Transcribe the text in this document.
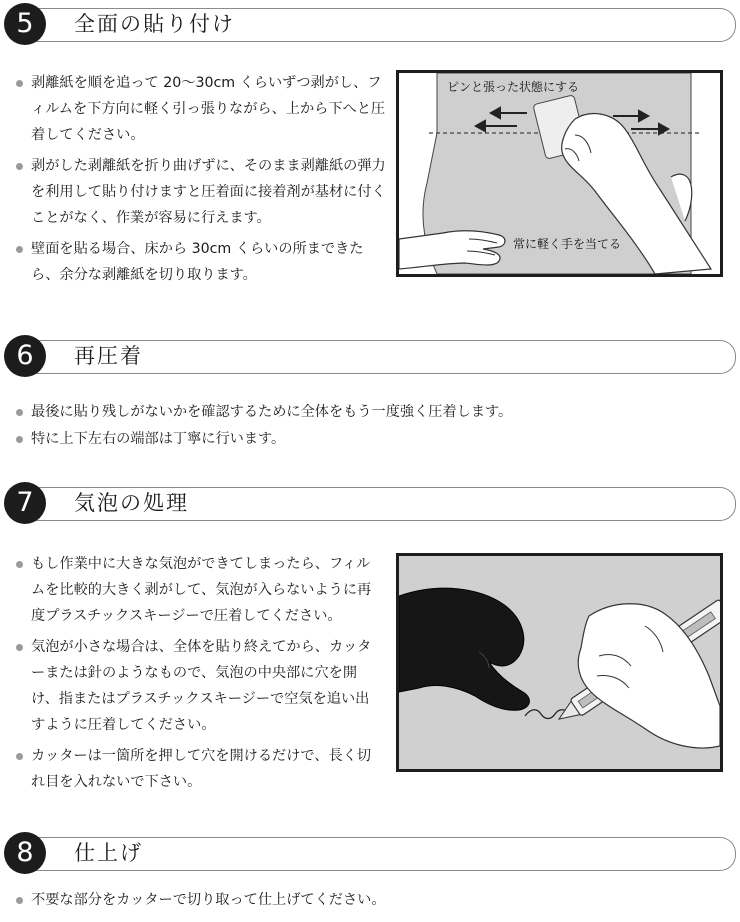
5	全面の貼り付け
剥離紙を順を追って 20〜30cm くらいずつ剥がし、フィルムを下方向に軽く引っ張りながら、上から下へと圧着してください。
剥がした剥離紙を折り曲げずに、そのまま剥離紙の弾力を利用して貼り付けますと圧着面に接着剤が基材に付くことがなく、作業が容易に行えます。
壁面を貼る場合、床から 30cm くらいの所まできたら、余分な剥離紙を切り取ります。
ピンと張った状態にする
常に軽く手を当てる
6	再圧着
最後に貼り残しがないかを確認するために全体をもう一度強く圧着します。
特に上下左右の端部は丁寧に行います。
7	気泡の処理
もし作業中に大きな気泡ができてしまったら、フィルムを比較的大きく剥がして、気泡が入らないように再度プラスチックスキージーで圧着してください。
気泡が小さな場合は、全体を貼り終えてから、カッターまたは針のようなもので、気泡の中央部に穴を開け、指またはプラスチックスキージーで空気を追い出すように圧着してください。
カッターは一箇所を押して穴を開けるだけで、長く切れ目を入れないで下さい。
8	仕上げ
不要な部分をカッターで切り取って仕上げてください。
